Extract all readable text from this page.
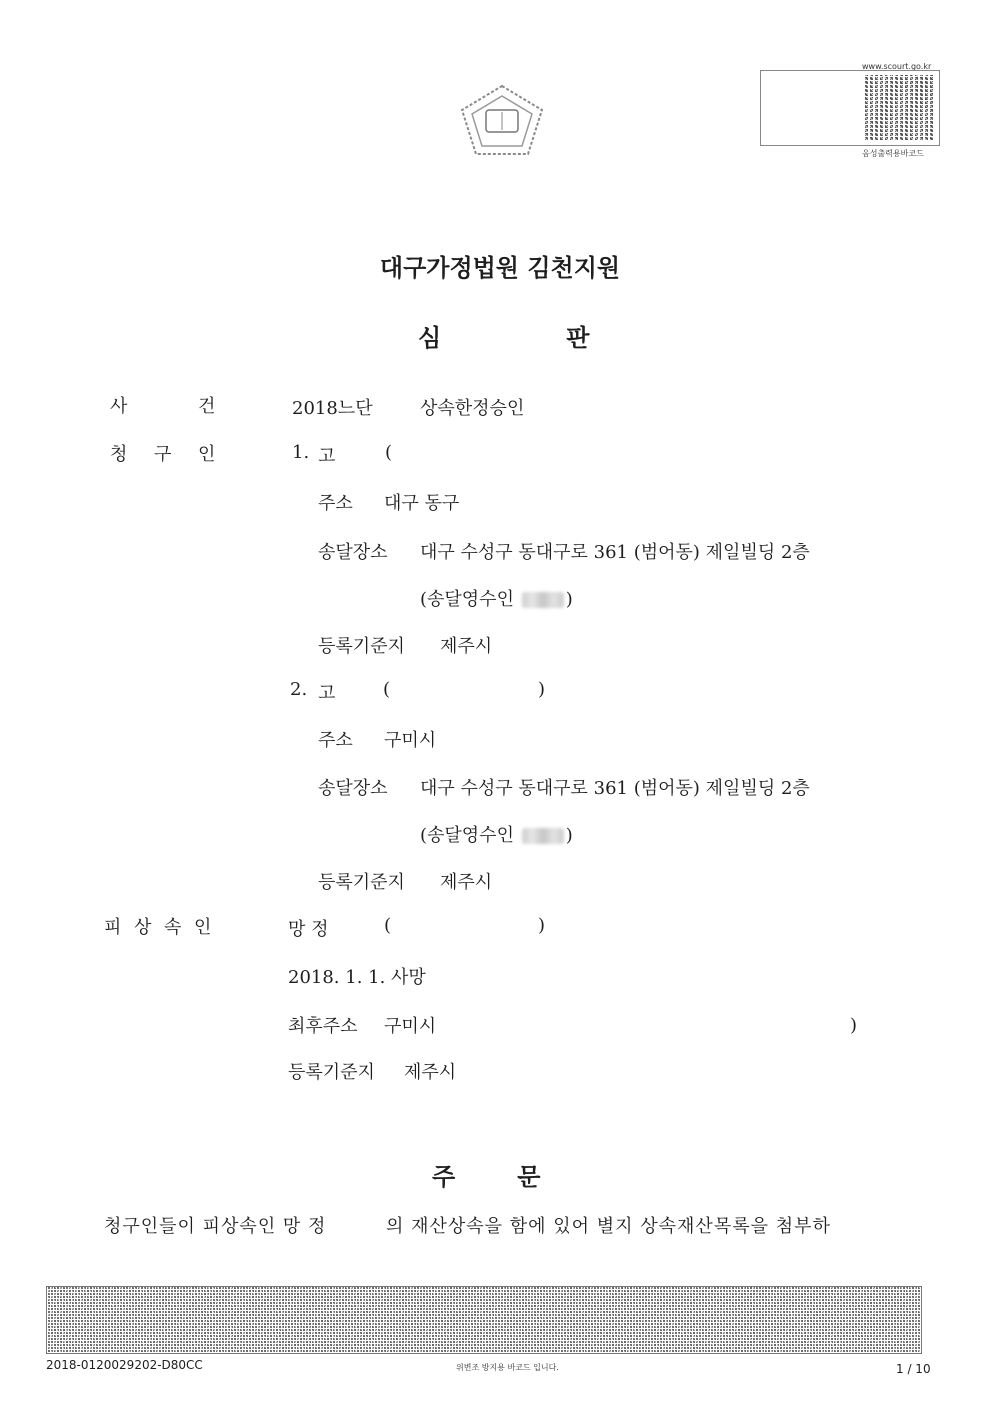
www.scourt.go.kr
음성출력용바코드
대구가정법원 김천지원
심	판
사	건	2018느단	상속한정승인
청 구 인	1. 고	(
주소 대구 동구
송달장소 대구 수성구 동대구로 361 (범어동) 제일빌딩 2층
(송달영수인	)
등록기준지 제주시
2. 고	(	)
주소 구미시
송달장소 대구 수성구 동대구로 361 (범어동) 제일빌딩 2층
(송달영수인	)
등록기준지 제주시
피 상 속 인	망 정	(	)
2018. 1. 1. 사망
최후주소 구미시	)
등록기준지 제주시
주	문
청구인들이 피상속인 망 정	의 재산상속을 함에 있어 별지 상속재산목록을 첨부하
2018-0120029202-D80CC	위변조 방지용 바코드 입니다.	1 / 10
